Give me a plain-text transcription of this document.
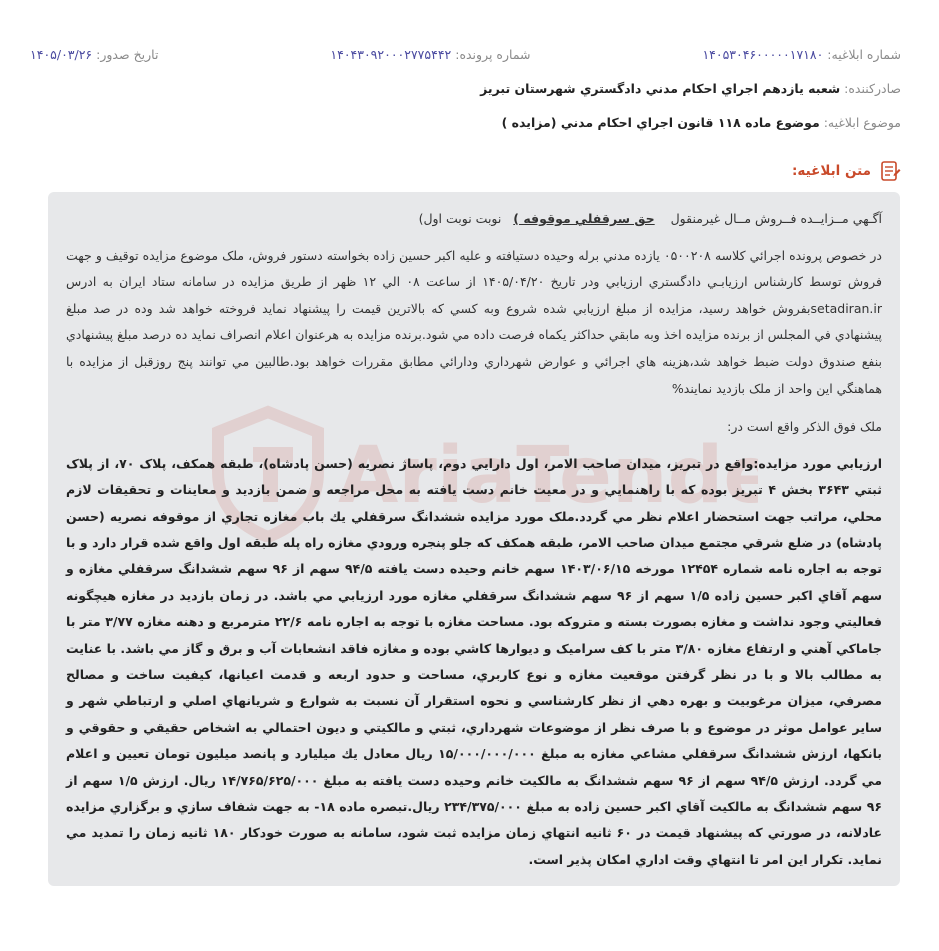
شماره ابلاغيه: ۱۴۰۵۳۰۴۶۰۰۰۰۰۱۷۱۸۰
شماره پرونده: ۱۴۰۴۳۰۹۲۰۰۰۲۷۷۵۴۴۲
تاريخ صدور: ۱۴۰۵/۰۳/۲۶
صادرکننده: شعبه يازدهم اجراي احکام مدني دادگستري شهرستان تبريز
موضوع ابلاغيه: موضوع ماده ۱۱۸ قانون اجراي احکام مدني (مزايده )
متن ابلاغيه:
AriaTende

آگـهي مــزايــده فــروش مــال غيرمنقول    حق سرقفلي موقوفه )   نوبت نوبت اول)

در خصوص پرونده اجرائي کلاسه ۰۵۰۰۲۰۸ يازده مدني برله وحيده دستيافته و عليه اکبر حسين زاده بخواسته دستور فروش، ملک موضوع مزايده توقيف و جهت فروش توسط کارشناس ارزيابـي دادگستري ارزيابي ودر تاريخ ۱۴۰۵/۰۴/۲۰ از ساعت ۰۸ الي ۱۲ ظهر از طريق مزايده در سامانه ستاد ايران به ادرس setadiran.irبفروش خواهد رسيد، مزايده از مبلغ ارزيابي شده شروع وبه کسي که بالاترين قيمت را پيشنهاد نمايد فروخته خواهد شد وده در صد مبلغ پيشنهادي في المجلس از برنده مزايده اخذ وبه مابقي حداکثر يکماه فرصت داده مي شود.برنده مزايده به هرعنوان اعلام انصراف نمايد ده درصد مبلغ پيشنهادي بنفع صندوق دولت ضبط خواهد شد،هزينه هاي اجرائي و عوارض شهرداري ودارائي مطابق مقررات خواهد بود.طالبين مي توانند پنج روزقبل از مزايده با هماهنگي اين واحد از ملک بازديد نمايند%

ملک فوق الذکر واقع است در:

ارزيابي مورد مزايده:واقع در تبريز، ميدان صاحب الامر، اول دارايي دوم، پاساژ نصريه (حسن پادشاه)، طبقه همکف، پلاک ۷۰، از پلاک ثبتي ۳۶۴۳ بخش ۴ تبريز بوده که با راهنمايي و در معيت خانم دست يافته به محل مراجعه و ضمن بازديد و معاينات و تحقيقات لازم محلي، مراتب جهت استحضار اعلام نظر مي گردد.ملک مورد مزايده ششدانگ سرقفلي يك باب مغازه تجاري از موقوفه نصريه (حسن پادشاه) در ضلع شرقي مجتمع ميدان صاحب الامر، طبقه همکف که جلو پنجره ورودي مغازه راه پله طبقه اول واقع شده قرار دارد و با توجه به اجاره نامه شماره ۱۲۴۵۴ مورخه ۱۴۰۳/۰۶/۱۵ سهم خانم وحيده دست يافته ۹۴/۵ سهم از ۹۶ سهم ششدانگ سرقفلي مغازه و سهم آقاي اکبر حسين زاده ۱/۵ سهم از ۹۶ سهم ششدانگ سرقفلي مغازه مورد ارزيابي مي باشد. در زمان بازديد در مغازه هيچگونه فعاليتي وجود نداشت و مغازه بصورت بسته و متروکه بود. مساحت مغازه با توجه به اجاره نامه ۲۲/۶ مترمربع و دهنه مغازه ۳/۷۷ متر با جاماکي آهني و ارتفاع مغازه ۳/۸۰ متر با کف سراميک و ديوارها کاشي بوده و مغازه فاقد انشعابات آب و برق و گاز مي باشد. با عنايت به مطالب بالا و با در نظر گرفتن موقعيت مغازه و نوع کاربري، مساحت و حدود اربعه و قدمت اعيانها، کيفيت ساخت و مصالح مصرفي، ميزان مرغوبيت و بهره دهي از نظر کارشناسي و نحوه استقرار آن نسبت به شوارع و شريانهاي اصلي و ارتباطي شهر و ساير عوامل موثر در موضوع و با صرف نظر از موضوعات شهرداري، ثبتي و مالکيتي و ديون احتمالي به اشخاص حقيقي و حقوقي و بانکها، ارزش ششدانگ سرقفلي مشاعي مغازه به مبلغ ۱۵/۰۰۰/۰۰۰/۰۰۰ ريال معادل يك ميليارد و پانصد ميليون تومان تعيين و اعلام مي گردد. ارزش ۹۴/۵ سهم از ۹۶ سهم ششدانگ به مالکيت خانم وحيده دست يافته به مبلغ ۱۴/۷۶۵/۶۲۵/۰۰۰ ريال. ارزش ۱/۵ سهم از ۹۶ سهم ششدانگ به مالکيت آقاي اکبر حسين زاده به مبلغ ۲۳۴/۳۷۵/۰۰۰ ريال.تبصره ماده ۱۸- به جهت شفاف سازي و برگزاري مزايده عادلانه، در صورتي که پيشنهاد قيمت در ۶۰ ثانيه انتهاي زمان مزايده ثبت شود، سامانه به صورت خودکار ۱۸۰ ثانيه زمان را تمديد مي نمايد. تکرار اين امر تا انتهاي وقت اداري امکان پذير است.
